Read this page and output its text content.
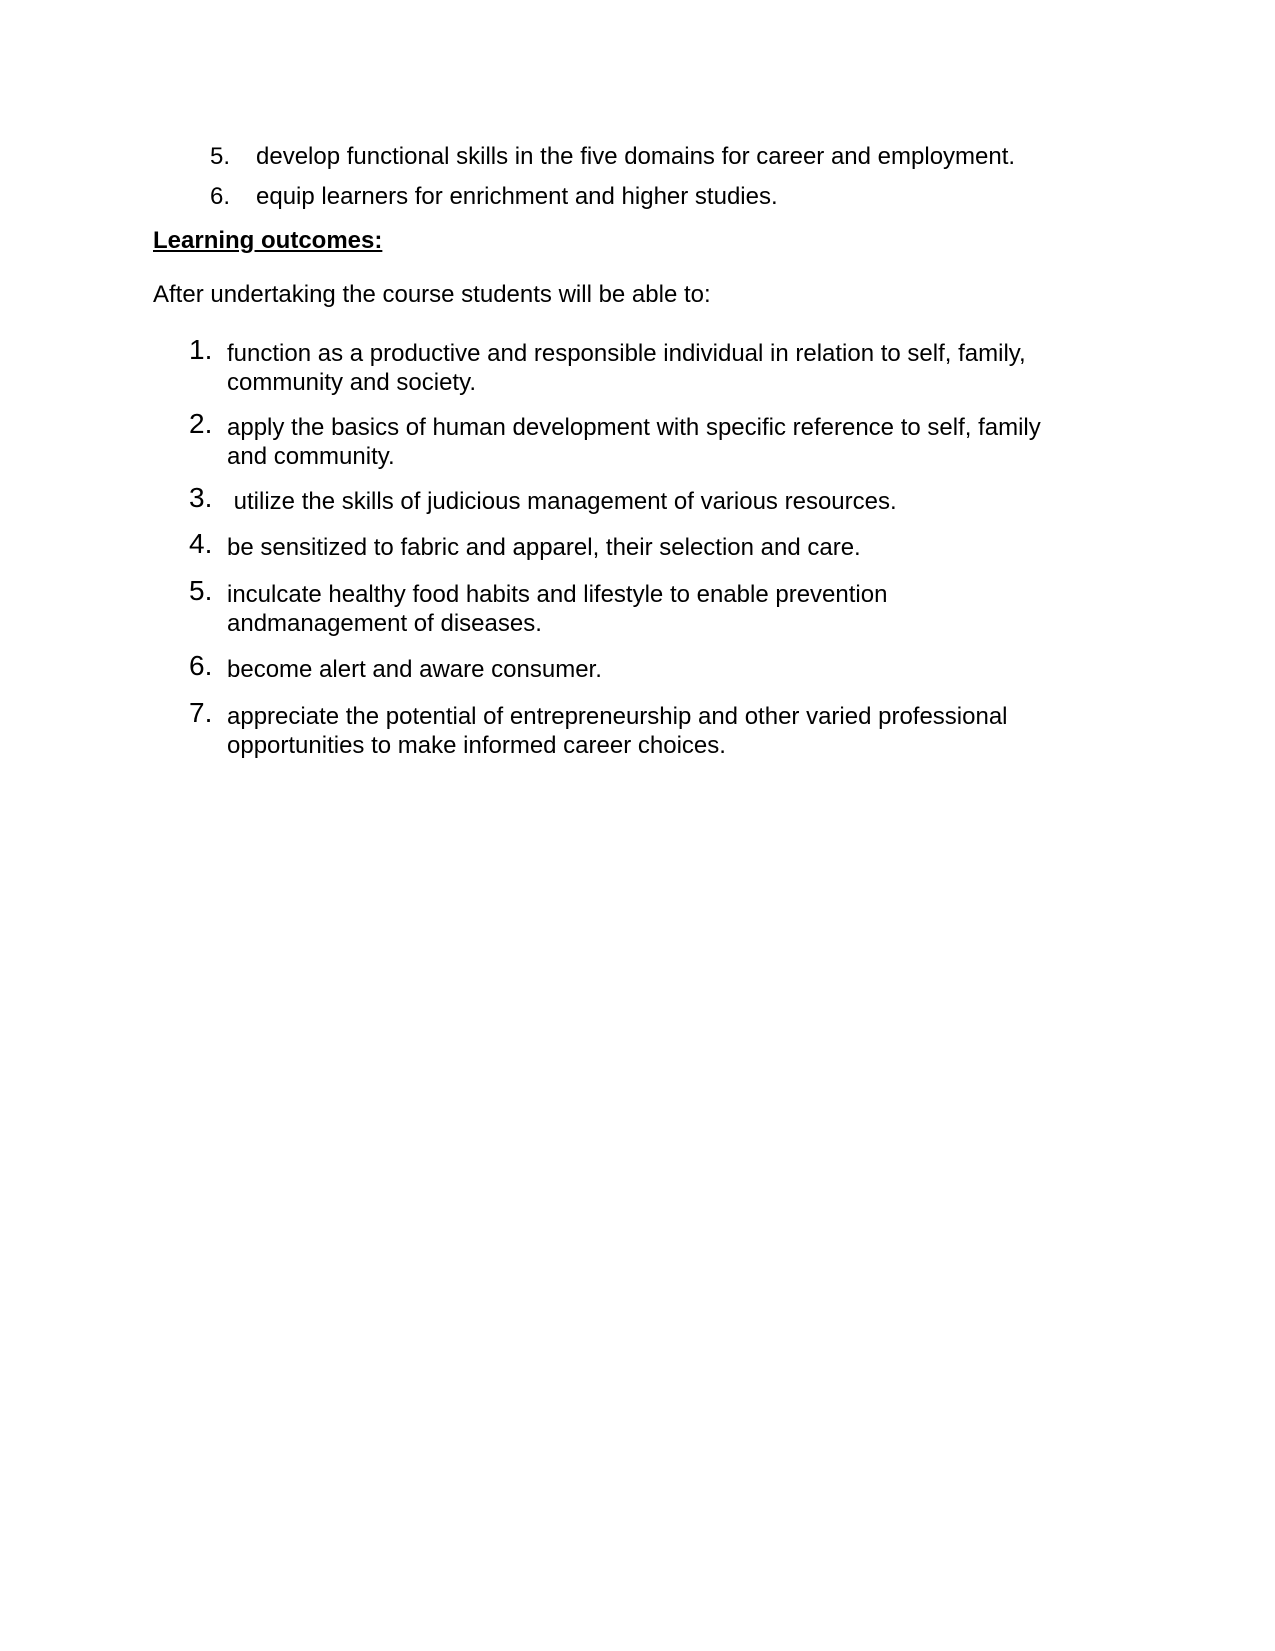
5. develop functional skills in the five domains for career and employment.
6. equip learners for enrichment and higher studies.
Learning outcomes:
After undertaking the course students will be able to:
1. function as a productive and responsible individual in relation to self, family, community and society.
2. apply the basics of human development with specific reference to self, family and community.
3. utilize the skills of judicious management of various resources.
4. be sensitized to fabric and apparel, their selection and care.
5. inculcate healthy food habits and lifestyle to enable prevention andmanagement of diseases.
6. become alert and aware consumer.
7. appreciate the potential of entrepreneurship and other varied professional opportunities to make informed career choices.
